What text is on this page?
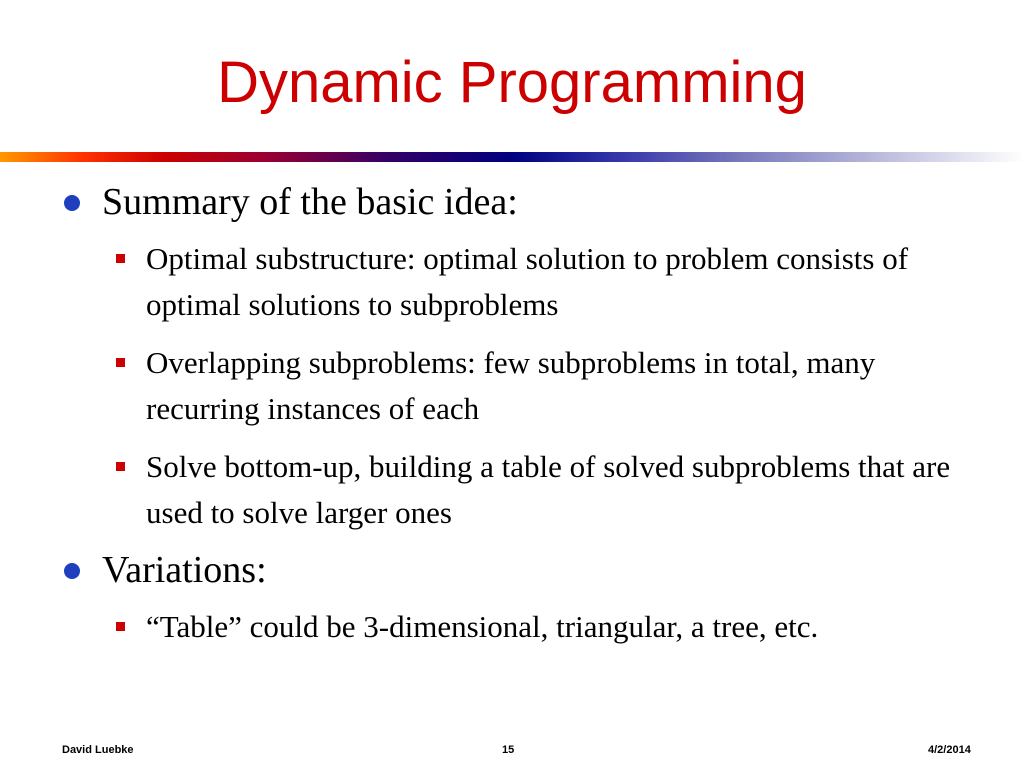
Dynamic Programming
Summary of the basic idea:
Optimal substructure: optimal solution to problem consists of optimal solutions to subproblems
Overlapping subproblems: few subproblems in total, many recurring instances of each
Solve bottom-up, building a table of solved subproblems that are used to solve larger ones
Variations:
“Table” could be 3-dimensional, triangular, a tree, etc.
David Luebke	15	4/2/2014
